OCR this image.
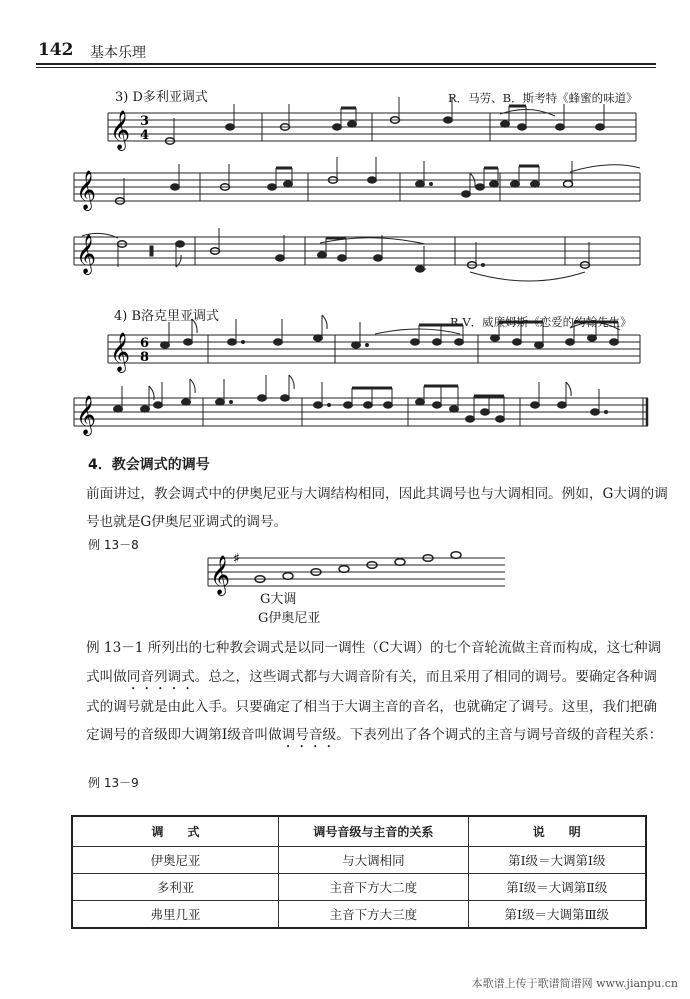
142 基本乐理
3) D多利亚调式	R．马劳、B．斯考特《蜂蜜的味道》
𝄞 3
4
𝄞
𝄞
𝄞 6
8
𝄞
4) B洛克里亚调式	R.V．威廉姆斯《恋爱的约翰先生》
4．教会调式的调号
前面讲过，教会调式中的伊奥尼亚与大调结构相同，因此其调号也与大调相同。例如，G大调的调号也就是G伊奥尼亚调式的调号。
例 13－8
𝄞 ♯
G大调
G伊奥尼亚
例 13－1 所列出的七种教会调式是以同一调性（C大调）的七个音轮流做主音而构成，这七种调式叫做同音列调式。总之，这些调式都与大调音阶有关，而且采用了相同的调号。要确定各种调式的调号就是由此入手。只要确定了相当于大调主音的音名，也就确定了调号。这里，我们把确定调号的音级即大调第Ⅰ级音叫做调号音级。下表列出了各个调式的主音与调号音级的音程关系：
例 13－9
调　　式	调号音级与主音的关系	说　　明
伊奥尼亚	与大调相同	第Ⅰ级＝大调第Ⅰ级
多利亚	主音下方大二度	第Ⅰ级＝大调第Ⅱ级
弗里几亚	主音下方大三度	第Ⅰ级＝大调第Ⅲ级
本歌谱上传于歌谱简谱网 www.jianpu.cn
